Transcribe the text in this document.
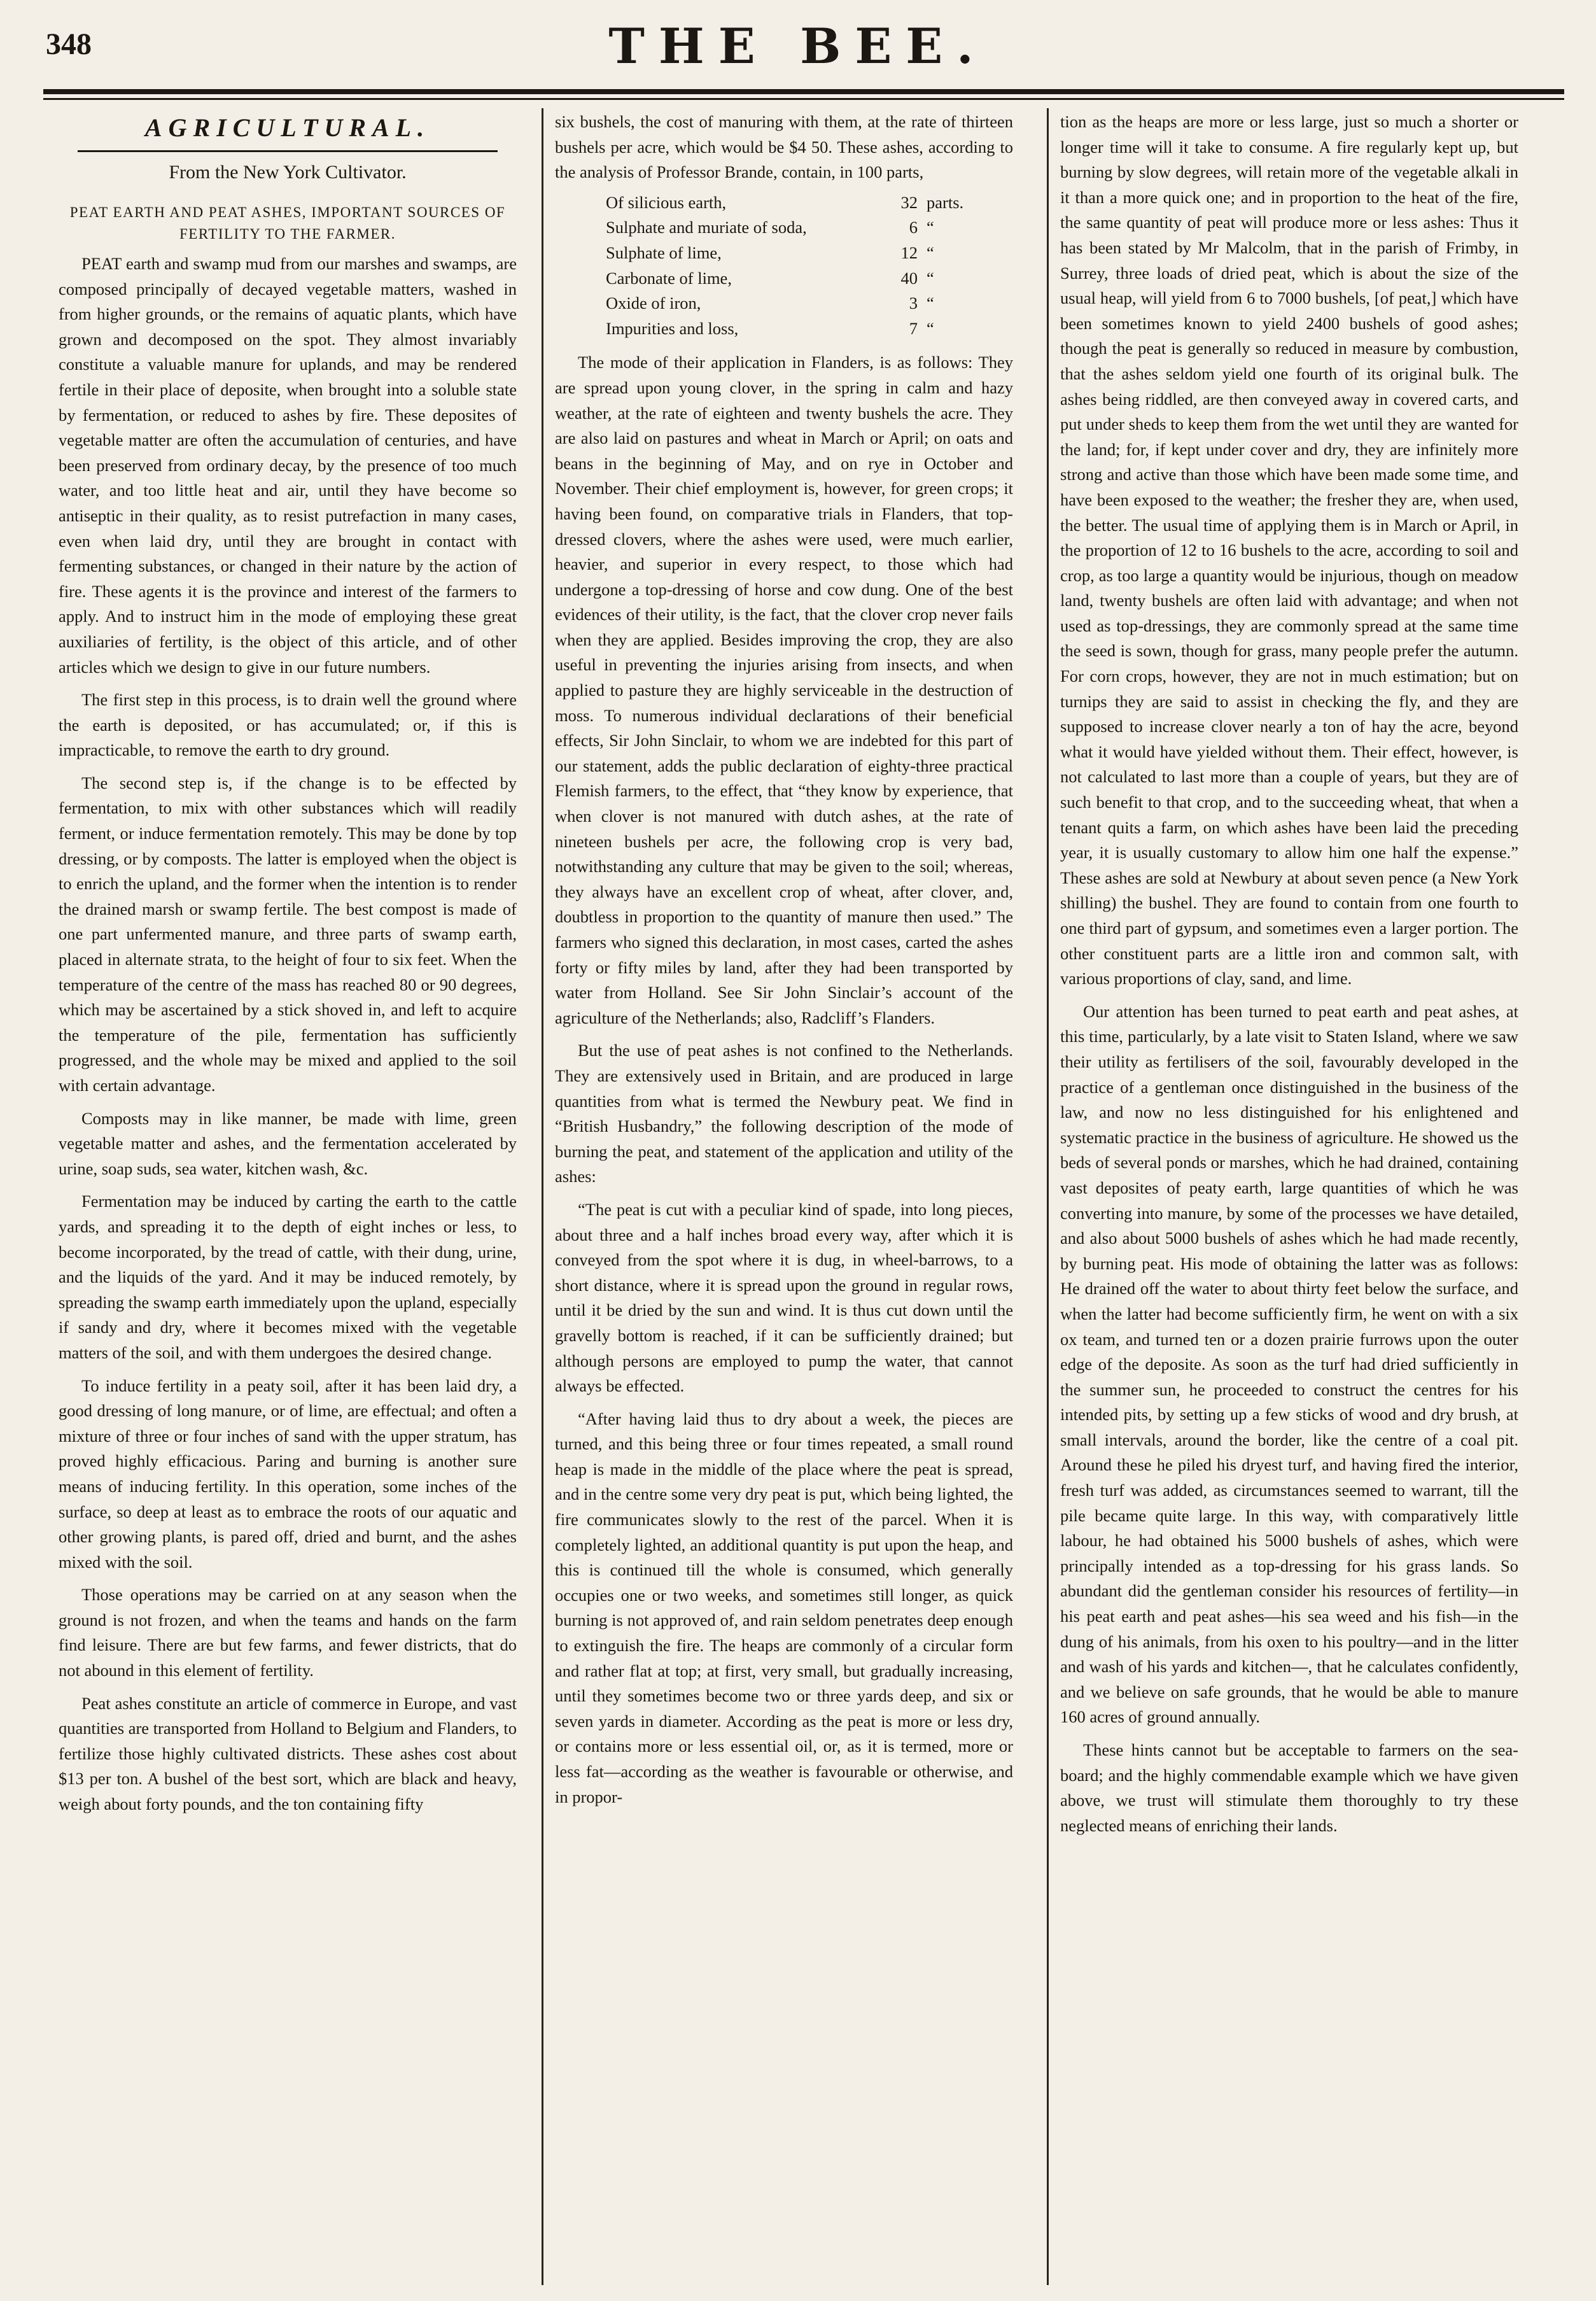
348	THE BEE.
AGRICULTURAL.
From the New York Cultivator.
PEAT EARTH AND PEAT ASHES, IMPORTANT SOURCES OF FERTILITY TO THE FARMER.

PEAT earth and swamp mud from our marshes and swamps, are composed principally of decayed vegetable matters, washed in from higher grounds, or the remains of aquatic plants, which have grown and decomposed on the spot. They almost invariably constitute a valuable manure for uplands, and may be rendered fertile in their place of deposite, when brought into a soluble state by fermentation, or reduced to ashes by fire. These deposites of vegetable matter are often the accumulation of centuries, and have been preserved from ordinary decay, by the presence of too much water, and too little heat and air, until they have become so antiseptic in their quality, as to resist putrefaction in many cases, even when laid dry, until they are brought in contact with fermenting substances, or changed in their nature by the action of fire. These agents it is the province and interest of the farmers to apply. And to instruct him in the mode of employing these great auxiliaries of fertility, is the object of this article, and of other articles which we design to give in our future numbers.

The first step in this process, is to drain well the ground where the earth is deposited, or has accumulated; or, if this is impracticable, to remove the earth to dry ground.

The second step is, if the change is to be effected by fermentation, to mix with other substances which will readily ferment, or induce fermentation remotely. This may be done by top dressing, or by composts. The latter is employed when the object is to enrich the upland, and the former when the intention is to render the drained marsh or swamp fertile. The best compost is made of one part unfermented manure, and three parts of swamp earth, placed in alternate strata, to the height of four to six feet. When the temperature of the centre of the mass has reached 80 or 90 degrees, which may be ascertained by a stick shoved in, and left to acquire the temperature of the pile, fermentation has sufficiently progressed, and the whole may be mixed and applied to the soil with certain advantage.

Composts may in like manner, be made with lime, green vegetable matter and ashes, and the fermentation accelerated by urine, soap suds, sea water, kitchen wash, &c.

Fermentation may be induced by carting the earth to the cattle yards, and spreading it to the depth of eight inches or less, to become incorporated, by the tread of cattle, with their dung, urine, and the liquids of the yard. And it may be induced remotely, by spreading the swamp earth immediately upon the upland, especially if sandy and dry, where it becomes mixed with the vegetable matters of the soil, and with them undergoes the desired change.

To induce fertility in a peaty soil, after it has been laid dry, a good dressing of long manure, or of lime, are effectual; and often a mixture of three or four inches of sand with the upper stratum, has proved highly efficacious. Paring and burning is another sure means of inducing fertility. In this operation, some inches of the surface, so deep at least as to embrace the roots of our aquatic and other growing plants, is pared off, dried and burnt, and the ashes mixed with the soil.

Those operations may be carried on at any season when the ground is not frozen, and when the teams and hands on the farm find leisure. There are but few farms, and fewer districts, that do not abound in this element of fertility.

Peat ashes constitute an article of commerce in Europe, and vast quantities are transported from Holland to Belgium and Flanders, to fertilize those highly cultivated districts. These ashes cost about $13 per ton. A bushel of the best sort, which are black and heavy, weigh about forty pounds, and the ton containing fifty

six bushels, the cost of manuring with them, at the rate of thirteen bushels per acre, which would be $4 50. These ashes, according to the analysis of Professor Brande, contain, in 100 parts,

Of silicious earth,	32	parts.
Sulphate and muriate of soda,	6	“
Sulphate of lime,	12	“
Carbonate of lime,	40	“
Oxide of iron,	3	“
Impurities and loss,	7	“

The mode of their application in Flanders, is as follows: They are spread upon young clover, in the spring in calm and hazy weather, at the rate of eighteen and twenty bushels the acre. They are also laid on pastures and wheat in March or April; on oats and beans in the beginning of May, and on rye in October and November. Their chief employment is, however, for green crops; it having been found, on comparative trials in Flanders, that top-dressed clovers, where the ashes were used, were much earlier, heavier, and superior in every respect, to those which had undergone a top-dressing of horse and cow dung. One of the best evidences of their utility, is the fact, that the clover crop never fails when they are applied. Besides improving the crop, they are also useful in preventing the injuries arising from insects, and when applied to pasture they are highly serviceable in the destruction of moss. To numerous individual declarations of their beneficial effects, Sir John Sinclair, to whom we are indebted for this part of our statement, adds the public declaration of eighty-three practical Flemish farmers, to the effect, that “they know by experience, that when clover is not manured with dutch ashes, at the rate of nineteen bushels per acre, the following crop is very bad, notwithstanding any culture that may be given to the soil; whereas, they always have an excellent crop of wheat, after clover, and, doubtless in proportion to the quantity of manure then used.” The farmers who signed this declaration, in most cases, carted the ashes forty or fifty miles by land, after they had been transported by water from Holland. See Sir John Sinclair’s account of the agriculture of the Netherlands; also, Radcliff’s Flanders.

But the use of peat ashes is not confined to the Netherlands. They are extensively used in Britain, and are produced in large quantities from what is termed the Newbury peat. We find in “British Husbandry,” the following description of the mode of burning the peat, and statement of the application and utility of the ashes:

“The peat is cut with a peculiar kind of spade, into long pieces, about three and a half inches broad every way, after which it is conveyed from the spot where it is dug, in wheel-barrows, to a short distance, where it is spread upon the ground in regular rows, until it be dried by the sun and wind. It is thus cut down until the gravelly bottom is reached, if it can be sufficiently drained; but although persons are employed to pump the water, that cannot always be effected.

“After having laid thus to dry about a week, the pieces are turned, and this being three or four times repeated, a small round heap is made in the middle of the place where the peat is spread, and in the centre some very dry peat is put, which being lighted, the fire communicates slowly to the rest of the parcel. When it is completely lighted, an additional quantity is put upon the heap, and this is continued till the whole is consumed, which generally occupies one or two weeks, and sometimes still longer, as quick burning is not approved of, and rain seldom penetrates deep enough to extinguish the fire. The heaps are commonly of a circular form and rather flat at top; at first, very small, but gradually increasing, until they sometimes become two or three yards deep, and six or seven yards in diameter. According as the peat is more or less dry, or contains more or less essential oil, or, as it is termed, more or less fat—according as the weather is favourable or otherwise, and in propor-

tion as the heaps are more or less large, just so much a shorter or longer time will it take to consume. A fire regularly kept up, but burning by slow degrees, will retain more of the vegetable alkali in it than a more quick one; and in proportion to the heat of the fire, the same quantity of peat will produce more or less ashes: Thus it has been stated by Mr Malcolm, that in the parish of Frimby, in Surrey, three loads of dried peat, which is about the size of the usual heap, will yield from 6 to 7000 bushels, [of peat,] which have been sometimes known to yield 2400 bushels of good ashes; though the peat is generally so reduced in measure by combustion, that the ashes seldom yield one fourth of its original bulk. The ashes being riddled, are then conveyed away in covered carts, and put under sheds to keep them from the wet until they are wanted for the land; for, if kept under cover and dry, they are infinitely more strong and active than those which have been made some time, and have been exposed to the weather; the fresher they are, when used, the better. The usual time of applying them is in March or April, in the proportion of 12 to 16 bushels to the acre, according to soil and crop, as too large a quantity would be injurious, though on meadow land, twenty bushels are often laid with advantage; and when not used as top-dressings, they are commonly spread at the same time the seed is sown, though for grass, many people prefer the autumn. For corn crops, however, they are not in much estimation; but on turnips they are said to assist in checking the fly, and they are supposed to increase clover nearly a ton of hay the acre, beyond what it would have yielded without them. Their effect, however, is not calculated to last more than a couple of years, but they are of such benefit to that crop, and to the succeeding wheat, that when a tenant quits a farm, on which ashes have been laid the preceding year, it is usually customary to allow him one half the expense.” These ashes are sold at Newbury at about seven pence (a New York shilling) the bushel. They are found to contain from one fourth to one third part of gypsum, and sometimes even a larger portion. The other constituent parts are a little iron and common salt, with various proportions of clay, sand, and lime.

Our attention has been turned to peat earth and peat ashes, at this time, particularly, by a late visit to Staten Island, where we saw their utility as fertilisers of the soil, favourably developed in the practice of a gentleman once distinguished in the business of the law, and now no less distinguished for his enlightened and systematic practice in the business of agriculture. He showed us the beds of several ponds or marshes, which he had drained, containing vast deposites of peaty earth, large quantities of which he was converting into manure, by some of the processes we have detailed, and also about 5000 bushels of ashes which he had made recently, by burning peat. His mode of obtaining the latter was as follows: He drained off the water to about thirty feet below the surface, and when the latter had become sufficiently firm, he went on with a six ox team, and turned ten or a dozen prairie furrows upon the outer edge of the deposite. As soon as the turf had dried sufficiently in the summer sun, he proceeded to construct the centres for his intended pits, by setting up a few sticks of wood and dry brush, at small intervals, around the border, like the centre of a coal pit. Around these he piled his dryest turf, and having fired the interior, fresh turf was added, as circumstances seemed to warrant, till the pile became quite large. In this way, with comparatively little labour, he had obtained his 5000 bushels of ashes, which were principally intended as a top-dressing for his grass lands. So abundant did the gentleman consider his resources of fertility—in his peat earth and peat ashes—his sea weed and his fish—in the dung of his animals, from his oxen to his poultry—and in the litter and wash of his yards and kitchen—, that he calculates confidently, and we believe on safe grounds, that he would be able to manure 160 acres of ground annually.

These hints cannot but be acceptable to farmers on the sea-board; and the highly commendable example which we have given above, we trust will stimulate them thoroughly to try these neglected means of enriching their lands.
